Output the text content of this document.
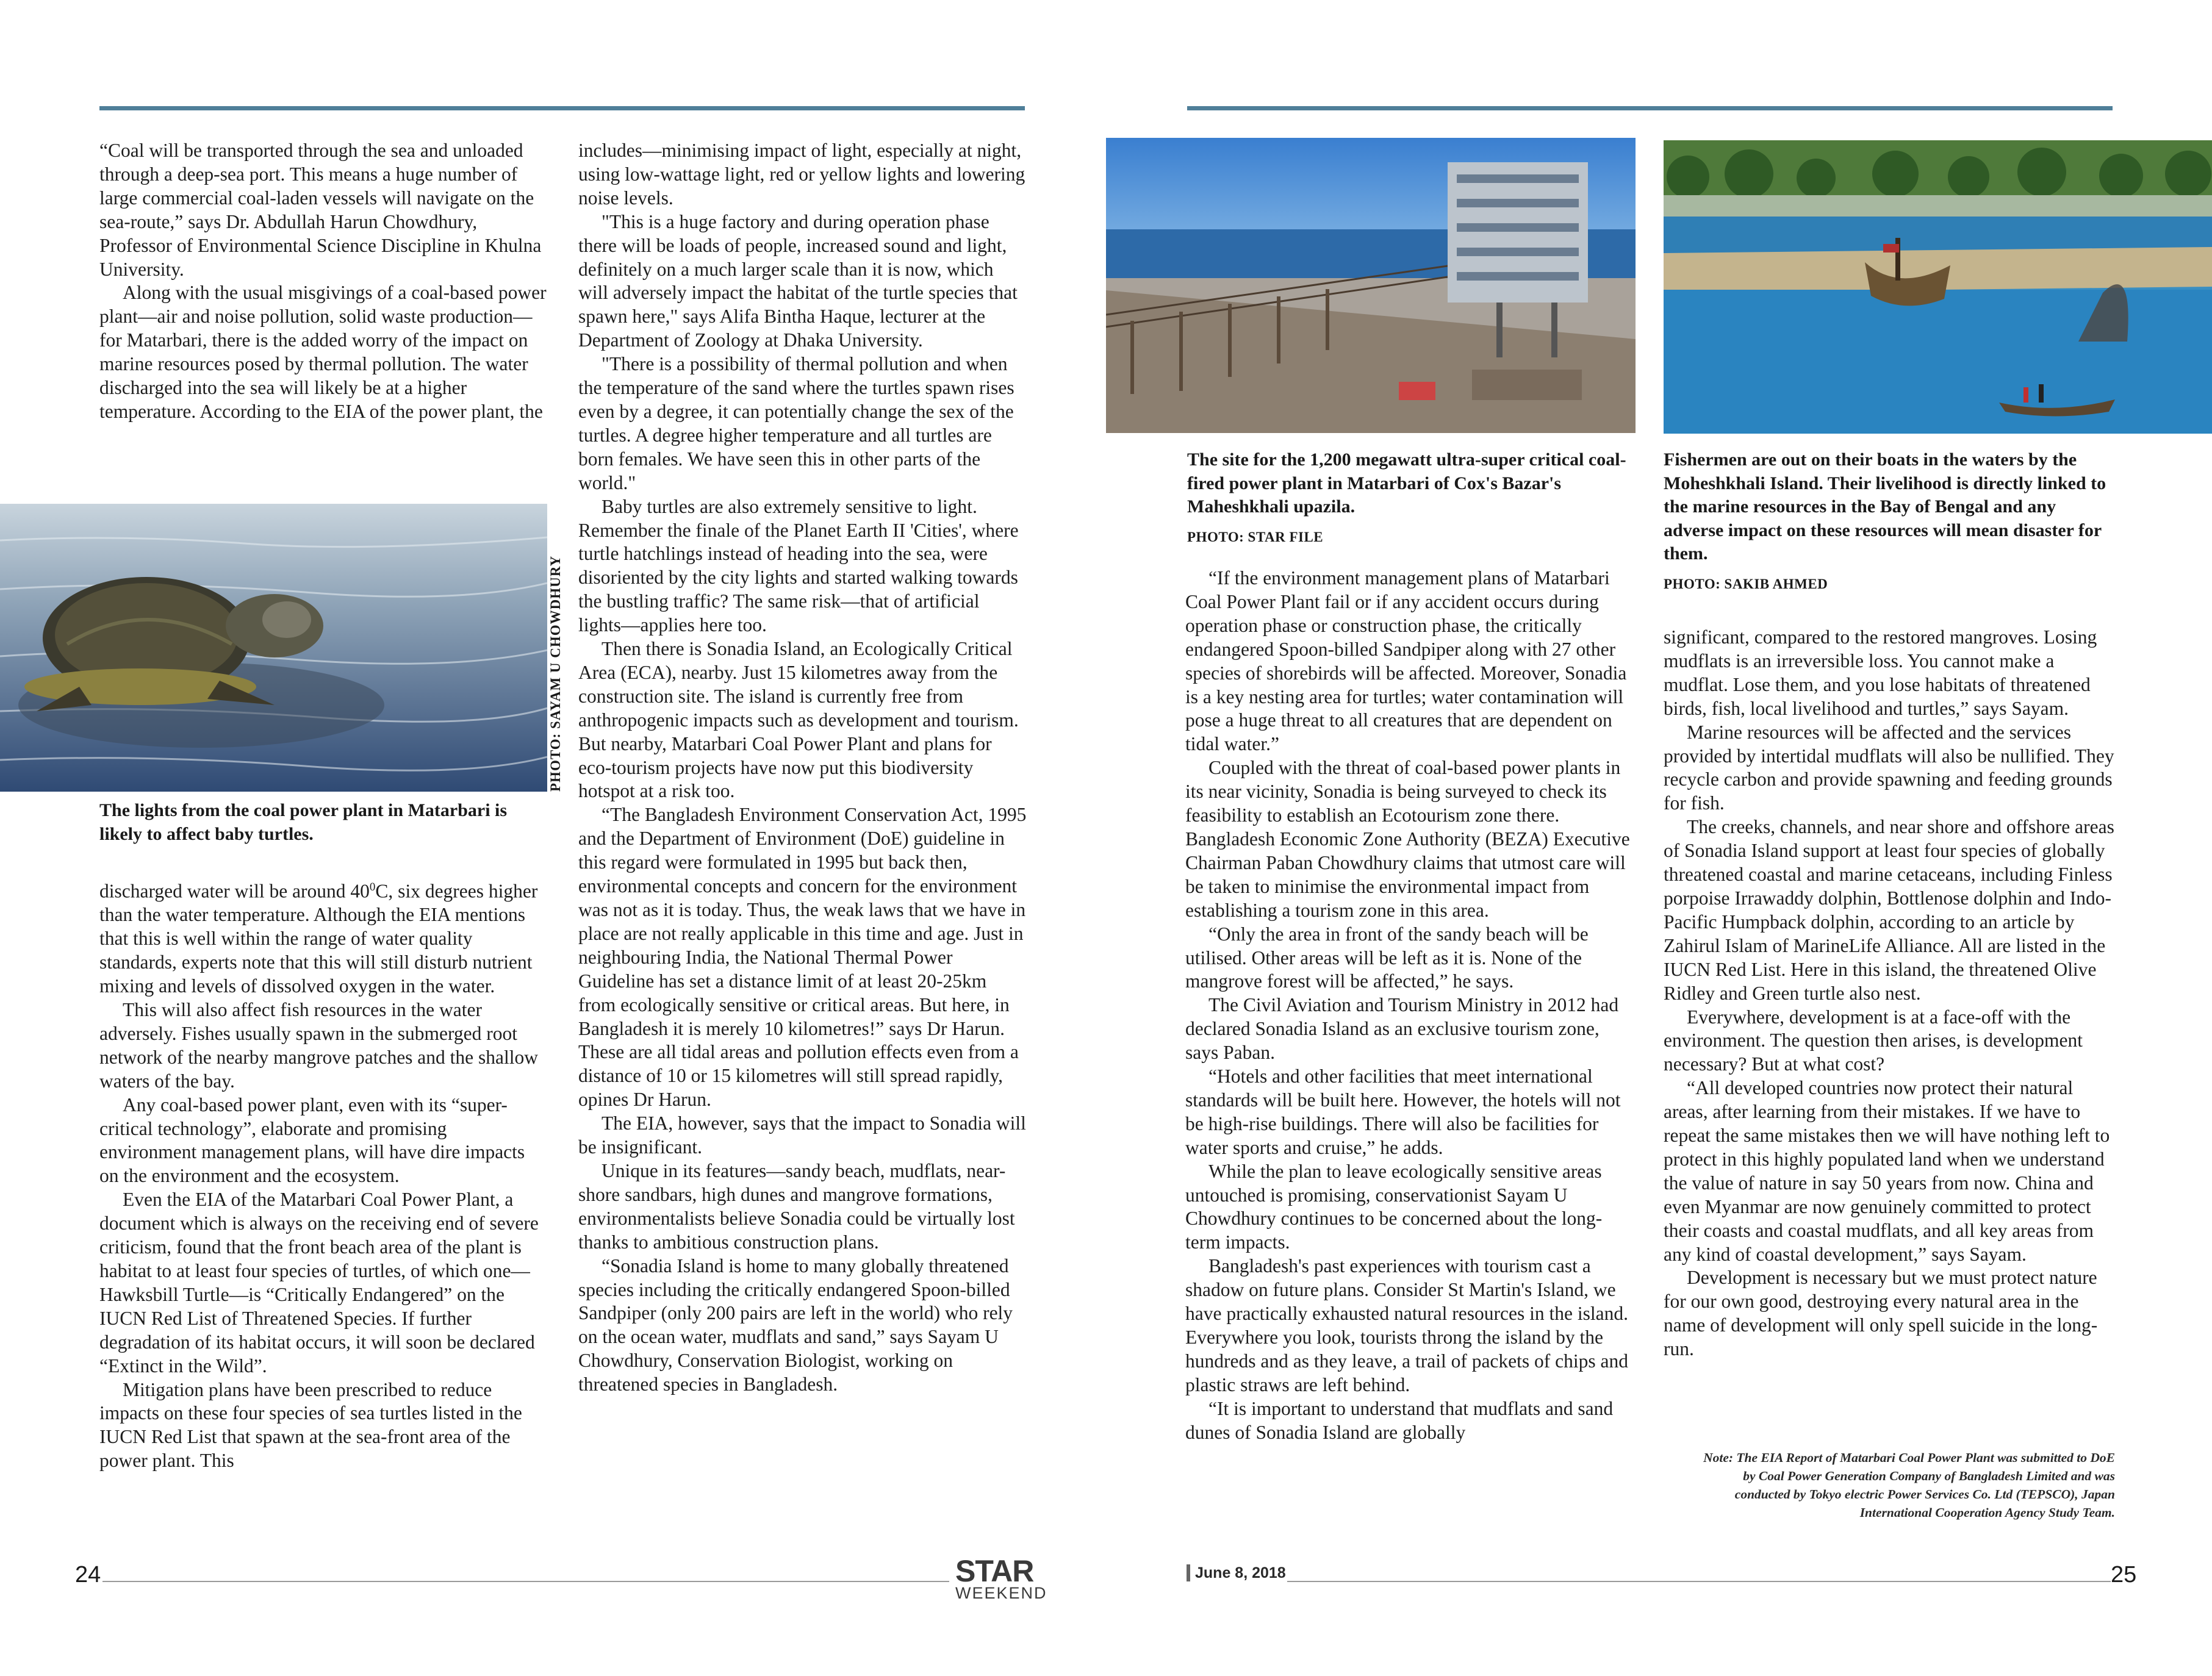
“Coal will be transported through the sea and unloaded through a deep-sea port. This means a huge number of large commercial coal-laden vessels will navigate on the sea-route,” says Dr. Abdullah Harun Chowdhury, Professor of Environmental Science Discipline in Khulna University.

Along with the usual misgivings of a coal-based power plant—air and noise pollution, solid waste production—for Matarbari, there is the added worry of the impact on marine resources posed by thermal pollution. The water discharged into the sea will likely be at a higher temperature. According to the EIA of the power plant, the

PHOTO: SAYAM U CHOWDHURY
The lights from the coal power plant in Matarbari is likely to affect baby turtles.

discharged water will be around $40^0C$, six degrees higher than the water temperature. Although the EIA mentions that this is well within the range of water quality standards, experts note that this will still disturb nutrient mixing and levels of dissolved oxygen in the water.

This will also affect fish resources in the water adversely. Fishes usually spawn in the submerged root network of the nearby mangrove patches and the shallow waters of the bay.

Any coal-based power plant, even with its “super-critical technology”, elaborate and promising environment management plans, will have dire impacts on the environment and the ecosystem.

Even the EIA of the Matarbari Coal Power Plant, a document which is always on the receiving end of severe criticism, found that the front beach area of the plant is habitat to at least four species of turtles, of which one—Hawksbill Turtle—is “Critically Endangered” on the IUCN Red List of Threatened Species. If further degradation of its habitat occurs, it will soon be declared “Extinct in the Wild”.

Mitigation plans have been prescribed to reduce impacts on these four species of sea turtles listed in the IUCN Red List that spawn at the sea-front area of the power plant. This

includes—minimising impact of light, especially at night, using low-wattage light, red or yellow lights and lowering noise levels.

"This is a huge factory and during operation phase there will be loads of people, increased sound and light, definitely on a much larger scale than it is now, which will adversely impact the habitat of the turtle species that spawn here," says Alifa Bintha Haque, lecturer at the Department of Zoology at Dhaka University.

"There is a possibility of thermal pollution and when the temperature of the sand where the turtles spawn rises even by a degree, it can potentially change the sex of the turtles. A degree higher temperature and all turtles are born females. We have seen this in other parts of the world."

Baby turtles are also extremely sensitive to light. Remember the finale of the Planet Earth II 'Cities', where turtle hatchlings instead of heading into the sea, were disoriented by the city lights and started walking towards the bustling traffic? The same risk—that of artificial lights—applies here too.

Then there is Sonadia Island, an Ecologically Critical Area (ECA), nearby. Just 15 kilometres away from the construction site. The island is currently free from anthropogenic impacts such as development and tourism. But nearby, Matarbari Coal Power Plant and plans for eco-tourism projects have now put this biodiversity hotspot at a risk too.

“The Bangladesh Environment Conservation Act, 1995 and the Department of Environment (DoE) guideline in this regard were formulated in 1995 but back then, environmental concepts and concern for the environment was not as it is today. Thus, the weak laws that we have in place are not really applicable in this time and age. Just in neighbouring India, the National Thermal Power Guideline has set a distance limit of at least 20-25km from ecologically sensitive or critical areas. But here, in Bangladesh it is merely 10 kilometres!” says Dr Harun. These are all tidal areas and pollution effects even from a distance of 10 or 15 kilometres will still spread rapidly, opines Dr Harun.

The EIA, however, says that the impact to Sonadia will be insignificant.

Unique in its features—sandy beach, mudflats, near-shore sandbars, high dunes and mangrove formations, environmentalists believe Sonadia could be virtually lost thanks to ambitious construction plans.

“Sonadia Island is home to many globally threatened species including the critically endangered Spoon-billed Sandpiper (only 200 pairs are left in the world) who rely on the ocean water, mudflats and sand,” says Sayam U Chowdhury, Conservation Biologist, working on threatened species in Bangladesh.

24	STAR
WEEKEND
The site for the 1,200 megawatt ultra-super critical coal-fired power plant in Matarbari of Cox's Bazar's Maheshkhali upazila.
PHOTO: STAR FILE
Fishermen are out on their boats in the waters by the Moheshkhali Island. Their livelihood is directly linked to the marine resources in the Bay of Bengal and any adverse impact on these resources will mean disaster for them.
PHOTO: SAKIB AHMED

“If the environment management plans of Matarbari Coal Power Plant fail or if any accident occurs during operation phase or construction phase, the critically endangered Spoon-billed Sandpiper along with 27 other species of shorebirds will be affected. Moreover, Sonadia is a key nesting area for turtles; water contamination will pose a huge threat to all creatures that are dependent on tidal water.”

Coupled with the threat of coal-based power plants in its near vicinity, Sonadia is being surveyed to check its feasibility to establish an Ecotourism zone there. Bangladesh Economic Zone Authority (BEZA) Executive Chairman Paban Chowdhury claims that utmost care will be taken to minimise the environmental impact from establishing a tourism zone in this area.

“Only the area in front of the sandy beach will be utilised. Other areas will be left as it is. None of the mangrove forest will be affected,” he says.

The Civil Aviation and Tourism Ministry in 2012 had declared Sonadia Island as an exclusive tourism zone, says Paban.

“Hotels and other facilities that meet international standards will be built here. However, the hotels will not be high-rise buildings. There will also be facilities for water sports and cruise,” he adds.

While the plan to leave ecologically sensitive areas untouched is promising, conservationist Sayam U Chowdhury continues to be concerned about the long-term impacts.

Bangladesh's past experiences with tourism cast a shadow on future plans. Consider St Martin's Island, we have practically exhausted natural resources in the island. Everywhere you look, tourists throng the island by the hundreds and as they leave, a trail of packets of chips and plastic straws are left behind.

“It is important to understand that mudflats and sand dunes of Sonadia Island are globally

significant, compared to the restored mangroves. Losing mudflats is an irreversible loss. You cannot make a mudflat. Lose them, and you lose habitats of threatened birds, fish, local livelihood and turtles,” says Sayam.

Marine resources will be affected and the services provided by intertidal mudflats will also be nullified. They recycle carbon and provide spawning and feeding grounds for fish.

The creeks, channels, and near shore and offshore areas of Sonadia Island support at least four species of globally threatened coastal and marine cetaceans, including Finless porpoise Irrawaddy dolphin, Bottlenose dolphin and Indo-Pacific Humpback dolphin, according to an article by Zahirul Islam of MarineLife Alliance. All are listed in the IUCN Red List. Here in this island, the threatened Olive Ridley and Green turtle also nest.

Everywhere, development is at a face-off with the environment. The question then arises, is development necessary? But at what cost?

“All developed countries now protect their natural areas, after learning from their mistakes. If we have to repeat the same mistakes then we will have nothing left to protect in this highly populated land when we understand the value of nature in say 50 years from now. China and even Myanmar are now genuinely committed to protect their coasts and coastal mudflats, and all key areas from any kind of coastal development,” says Sayam.

Development is necessary but we must protect nature for our own good, destroying every natural area in the name of development will only spell suicide in the long-run.

Note: The EIA Report of Matarbari Coal Power Plant was submitted to DoE by Coal Power Generation Company of Bangladesh Limited and was conducted by Tokyo electric Power Services Co. Ltd (TEPSCO), Japan International Cooperation Agency Study Team.
June 8, 2018	25
